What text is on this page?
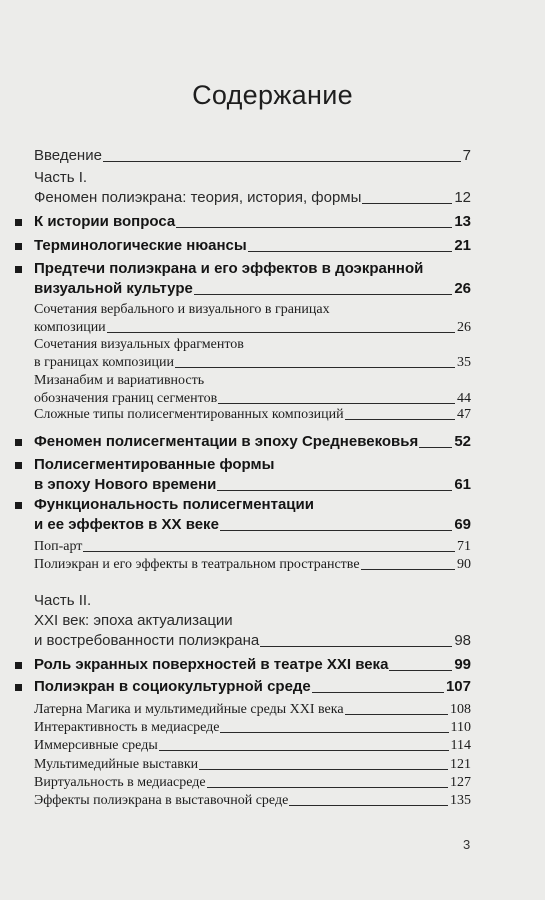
Содержание
Введение	7
Часть I.
Феномен полиэкрана: теория, история, формы	12
К истории вопроса	13
Терминологические нюансы	21
Предтечи полиэкрана и его эффектов в доэкранной
визуальной культуре	26
Сочетания вербального и визуального в границах
композиции	26
Сочетания визуальных фрагментов
в границах композиции	35
Мизанабим и вариативность
обозначения границ сегментов	44
Сложные типы полисегментированных композиций	47
Феномен полисегментации в эпоху Средневековья 52
Полисегментированные формы
в эпоху Нового времени	61
Функциональность полисегментации
и ее эффектов в XX веке	69
Поп-арт	71
Полиэкран и его эффекты в театральном пространстве	90
Часть II.
XXI век: эпоха актуализации
и востребованности полиэкрана	98
Роль экранных поверхностей в театре XXI века	99
Полиэкран в социокультурной среде	107
Латерна Магика и мультимедийные среды XXI века	108
Интерактивность в медиасреде	110
Иммерсивные среды	114
Мультимедийные выставки	121
Виртуальность в медиасреде	127
Эффекты полиэкрана в выставочной среде	135
3
